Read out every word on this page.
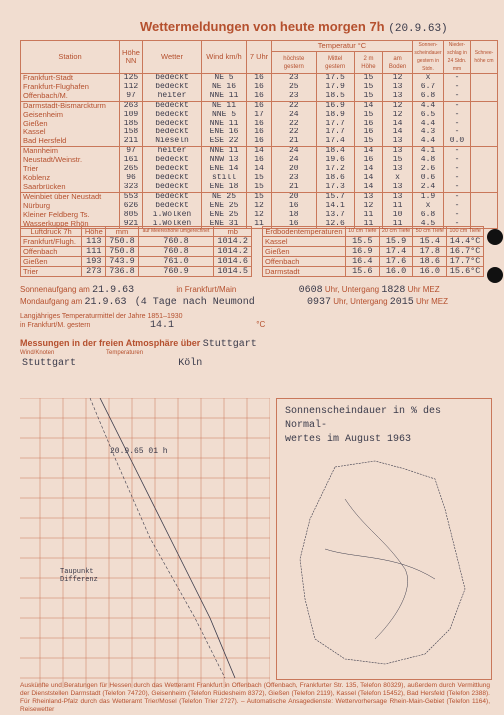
Wettermeldungen von heute morgen 7h (20.9.63)
Station	Höhe NN	Wetter	Wind km/h	7 Uhr	Temperatur °C				Sonnen-scheindauer gestern in Stdn.	Nieder-schlag in 24 Stdn. mm	Schnee-höhe cm
					höchste gestern	Mittel gestern	2 m Höhe	am Boden			
Frankfurt-Stadt	125	bedeckt	NE 5	16	23	17.5	15	12	x	-	
Frankfurt-Flughafen	112	bedeckt	NE 16	16	25	17.9	15	13	6.7	-	
Offenbach/M.	97	heiter	NNE 11	16	23	18.5	15	13	6.8	-	
Darmstadt-Bismarckturm	263	bedeckt	NE 11	16	22	16.9	14	12	4.4	-	
Geisenheim	109	bedeckt	NNE 5	17	24	18.9	15	12	6.5	-	
Gießen	185	bedeckt	NNE 11	16	22	17.7	16	14	4.4	-	
Kassel	158	bedeckt	ENE 16	16	22	17.7	16	14	4.3	-	
Bad Hersfeld	211	Nieseln	ESE 22	16	21	17.4	15	13	4.4	0.0	
Mannheim	97	heiter	NNE 11	14	24	18.4	14	13	4.1	-	
Neustadt/Weinstr.	161	bedeckt	NNW 13	16	24	19.6	16	15	4.8	-	
Trier	265	bedeckt	ENE 14	14	20	17.2	14	13	2.6	-	
Koblenz	96	bedeckt	still	15	23	18.6	14	x	0.6	-	
Saarbrücken	323	bedeckt	ENE 18	15	21	17.3	14	13	2.4	-	
Weinbiet über Neustadt	553	bedeckt	NE 25	15	20	15.7	13	13	1.9	-	
Nürburg	626	bedeckt	ENE 25	12	16	14.1	12	11	x	-	
Kleiner Feldberg Ts.	805	i.Wolken	ENE 25	12	18	13.7	11	10	6.8	-	
Wasserkuppe Rhön	921	i.Wolken	ENE 31	11	16	12.6	11	11	4.5	-	
Luftdruck 7h	Höhe	mm	auf Meereshöhe umgerechnet	mb
Frankfurt/Flugh.	113	750.8	760.8	1014.2
Offenbach	111	750.8	760.8	1014.2
Gießen	193	743.9	761.0	1014.6
Trier	273	736.8	760.9	1014.5
Erdbodentemperaturen	10 cm Tiefe	20 cm Tiefe	50 cm Tiefe	100 cm Tiefe
Kassel	15.5	15.9	15.4	14.4°C
Gießen	16.9	17.4	17.8	16.7°C
Offenbach	16.4	17.6	18.6	17.7°C
Darmstadt	15.6	16.0	16.0	15.6°C
Sonnenaufgang am 21.9.63	in Frankfurt/Main	0608 Uhr, Untergang 1828 Uhr MEZ
Mondaufgang am 21.9.63 (4 Tage nach Neumond	0937 Uhr, Untergang 2015 Uhr MEZ
Langjähriges Temperaturmittel der Jahre 1851–1930
in Frankfurt/M. gestern	14.1	°C
Messungen in der freien Atmosphäre über Stuttgart
Wind/Knoten	Temperaturen
Stuttgart	Köln
20.9.65 01 h
Taupunkt
Differenz
Sonnenscheindauer in % des Normal-
wertes im August 1963
Auskünfte und Beratungen für Hessen durch das Wetteramt Frankfurt in Offenbach (Offenbach, Frankfurter Str. 135, Telefon 80329), außerdem durch Vermittlung der Dienststellen Darmstadt (Telefon 74720), Geisenheim (Telefon Rüdesheim 8372), Gießen (Telefon 2119), Kassel (Telefon 15452), Bad Hersfeld (Telefon 2388). Für Rheinland-Pfalz durch das Wetteramt Trier/Mosel (Telefon Trier 2727). – Automatische Ansagedienste: Wettervorhersage Rhein-Main-Gebiet (Telefon 1164), Reisewetter
